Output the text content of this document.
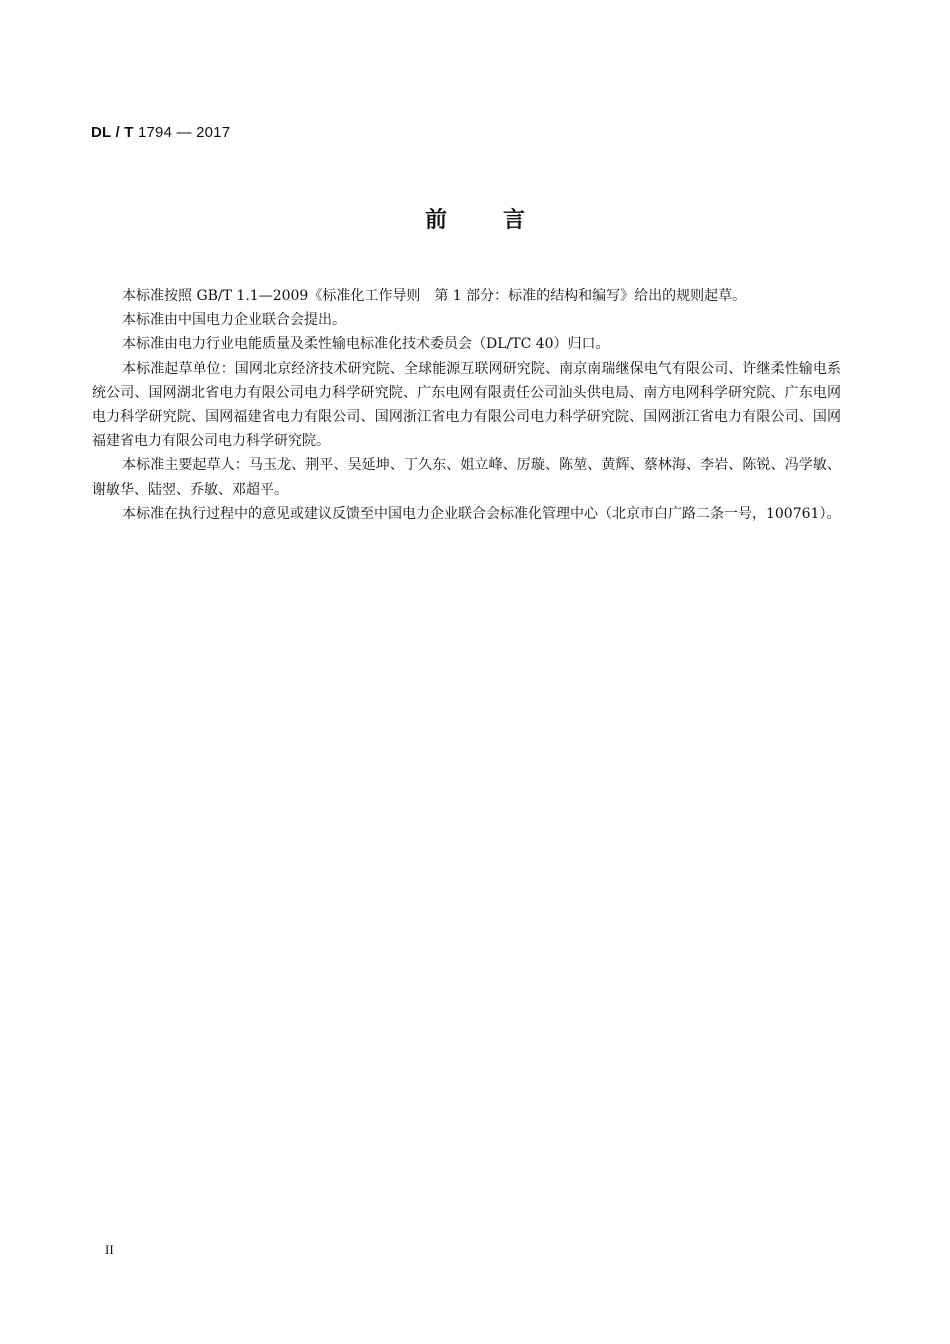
DL / T 1794 — 2017
前言

本标准按照 GB/T 1.1—2009《标准化工作导则　第 1 部分：标准的结构和编写》给出的规则起草。

本标准由中国电力企业联合会提出。

本标准由电力行业电能质量及柔性输电标准化技术委员会（DL/TC 40）归口。

本标准起草单位：国网北京经济技术研究院、全球能源互联网研究院、南京南瑞继保电气有限公司、许继柔性输电系统公司、国网湖北省电力有限公司电力科学研究院、广东电网有限责任公司汕头供电局、南方电网科学研究院、广东电网电力科学研究院、国网福建省电力有限公司、国网浙江省电力有限公司电力科学研究院、国网浙江省电力有限公司、国网福建省电力有限公司电力科学研究院。

本标准主要起草人：马玉龙、荆平、吴延坤、丁久东、姐立峰、厉璇、陈堃、黄辉、蔡林海、李岩、陈锐、冯学敏、谢敏华、陆翌、乔敏、邓超平。

本标准在执行过程中的意见或建议反馈至中国电力企业联合会标准化管理中心（北京市白广路二条一号，100761）。

II
